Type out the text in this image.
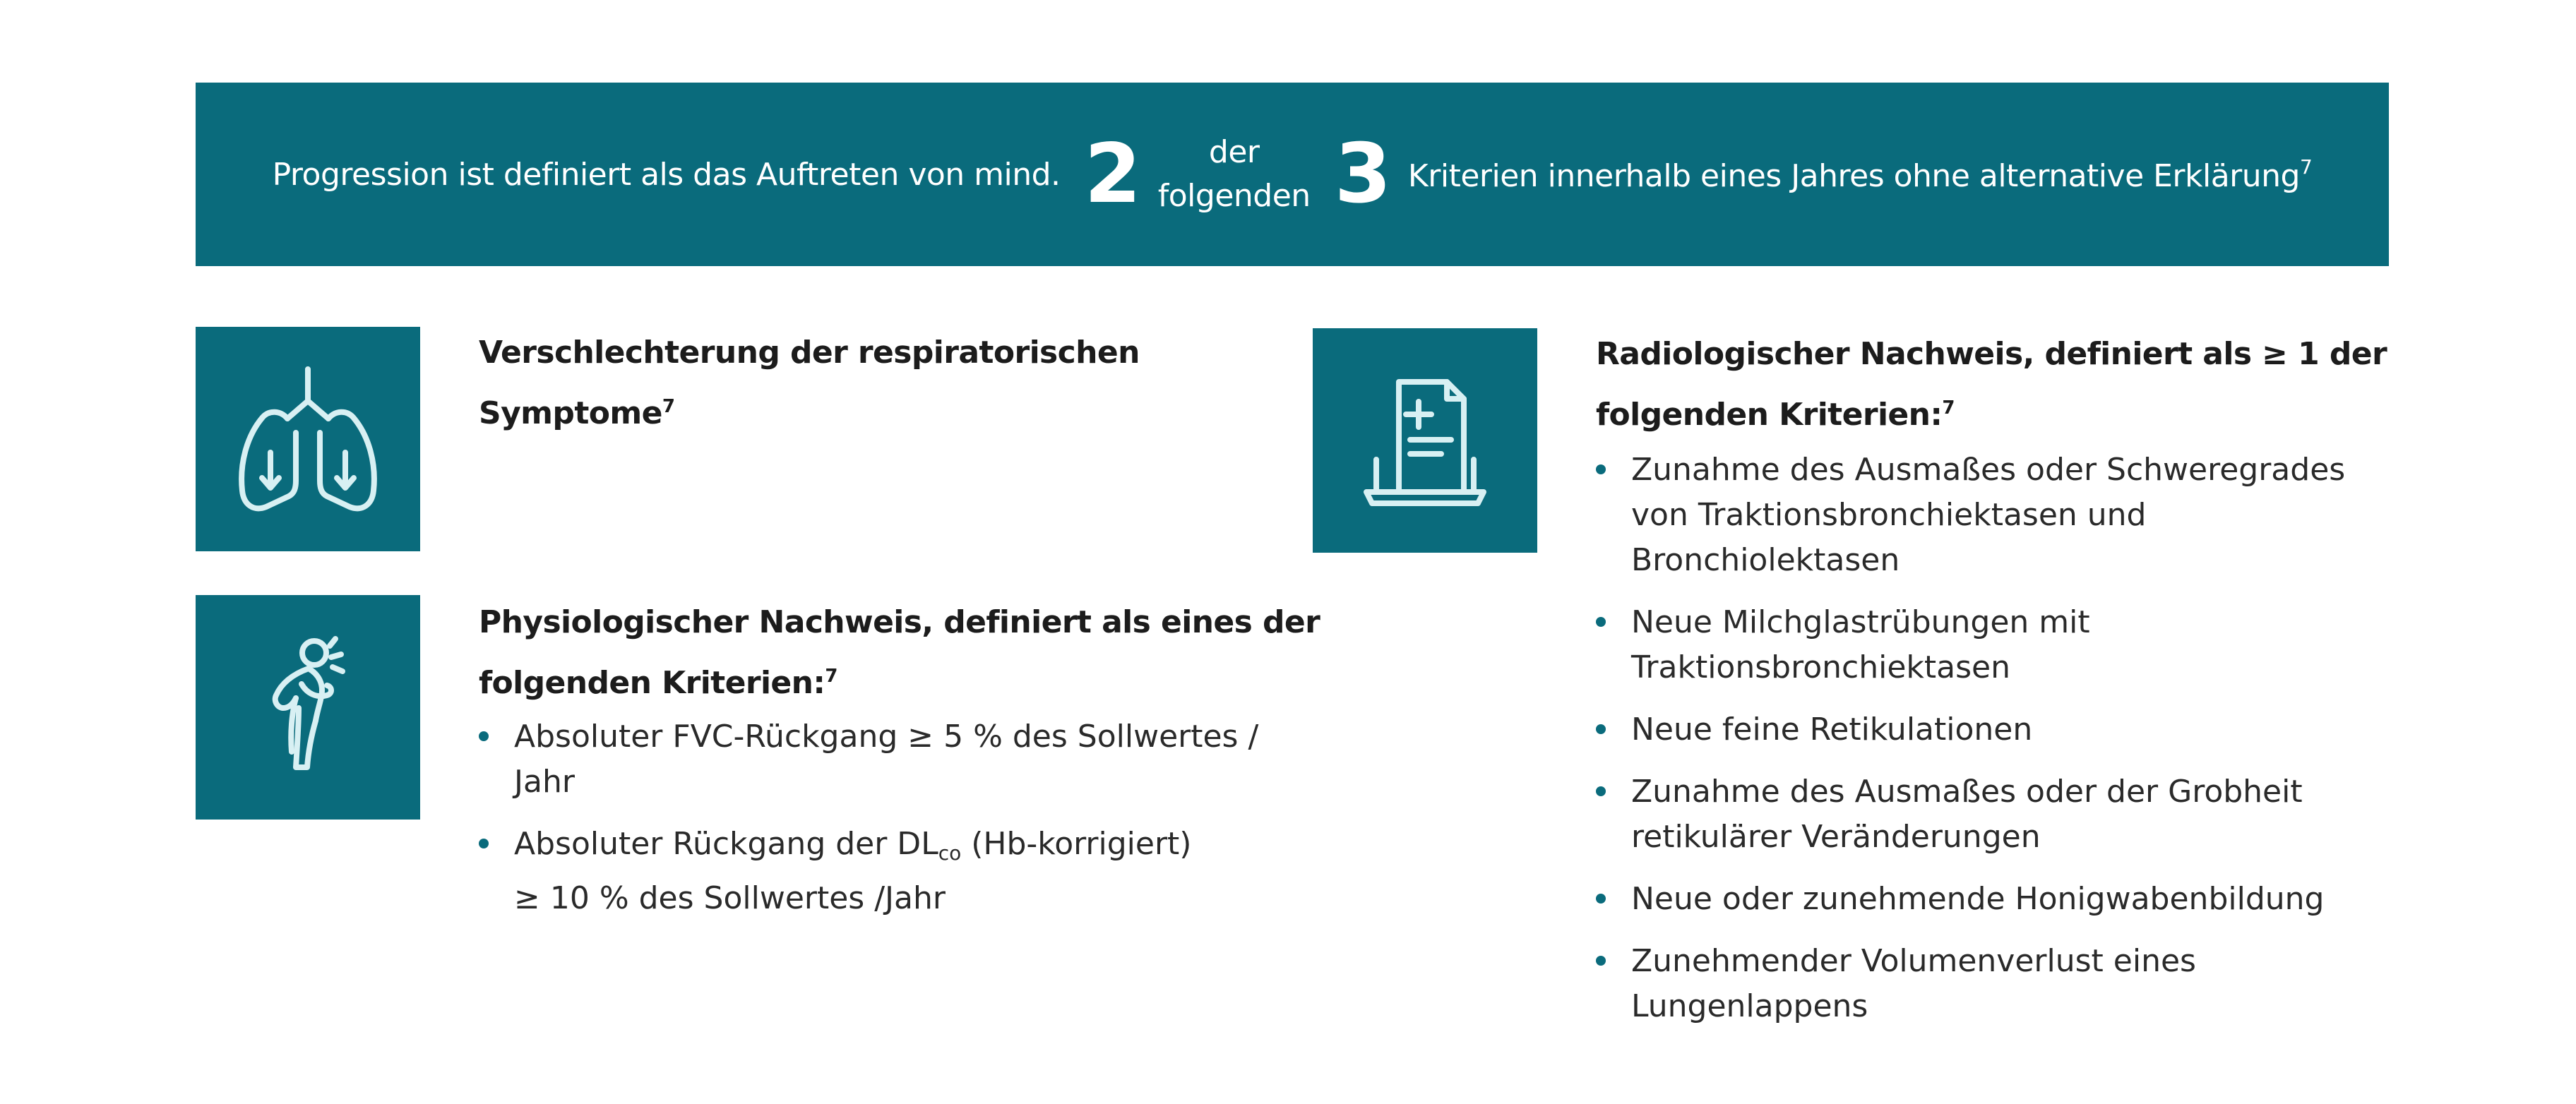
Progression ist definiert als das Auftreten von mind. 2 der
folgenden 3 Kriterien innerhalb eines Jahres ohne alternative Erklärung$^7$
Verschlechterung der respiratorischen
Symptome$^7$
Physiologischer Nachweis, definiert als eines der
folgenden Kriterien:$^7$
Absoluter FVC-Rückgang ≥ 5 % des Sollwertes /
Jahr
Absoluter Rückgang der $DL_{co}$ (Hb-korrigiert)
≥ 10 % des Sollwertes /Jahr
Radiologischer Nachweis, definiert als ≥ 1 der
folgenden Kriterien:$^7$
Zunahme des Ausmaßes oder Schweregrades
von Traktionsbronchiektasen und
Bronchiolektasen
Neue Milchglastrübungen mit
Traktionsbronchiektasen
Neue feine Retikulationen
Zunahme des Ausmaßes oder der Grobheit
retikulärer Veränderungen
Neue oder zunehmende Honigwabenbildung
Zunehmender Volumenverlust eines
Lungenlappens
